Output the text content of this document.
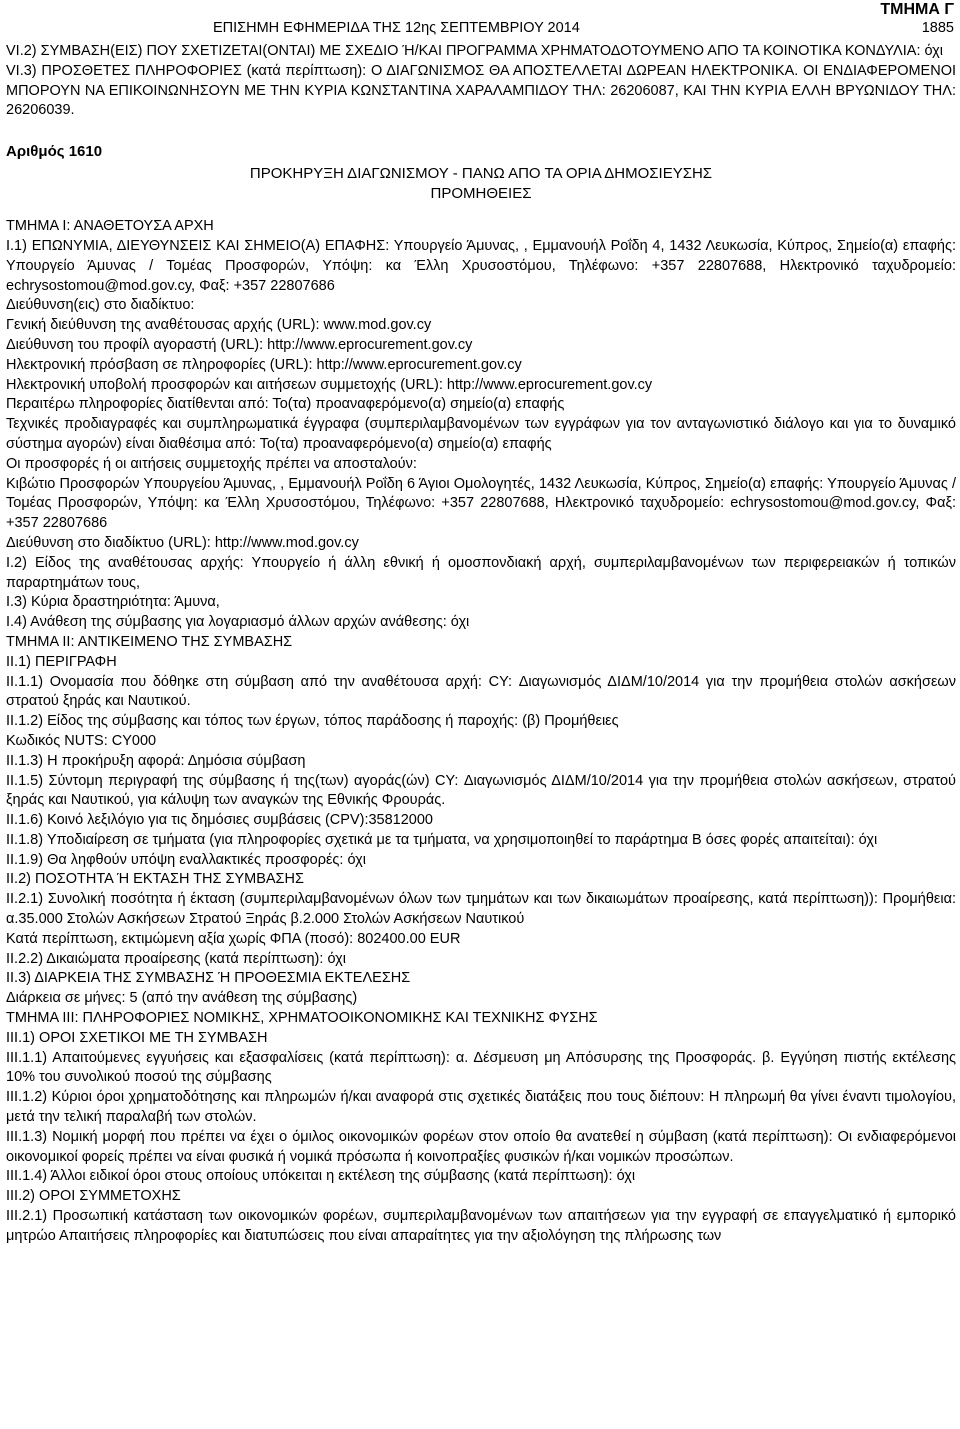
ΕΠΙΣΗΜΗ ΕΦΗΜΕΡΙΔΑ ΤΗΣ 12ης ΣΕΠΤΕΜΒΡΙΟΥ 2014
ΤΜΗΜΑ Γ
1885

VI.2) ΣΥΜΒΑΣΗ(ΕΙΣ) ΠΟΥ ΣΧΕΤΙΖΕΤΑΙ(ΟΝΤΑΙ) ΜΕ ΣΧΕΔΙΟ Ή/ΚΑΙ ΠΡΟΓΡΑΜΜΑ ΧΡΗΜΑΤΟΔΟΤΟΥΜΕΝΟ ΑΠΟ ΤΑ ΚΟΙΝΟΤΙΚΑ ΚΟΝΔΥΛΙΑ: όχι

VI.3) ΠΡΟΣΘΕΤΕΣ ΠΛΗΡΟΦΟΡΙΕΣ (κατά περίπτωση): Ο ΔΙΑΓΩΝΙΣΜΟΣ ΘΑ ΑΠΟΣΤΕΛΛΕΤΑΙ ΔΩΡΕΑΝ ΗΛΕΚΤΡΟΝΙΚΑ. ΟΙ ΕΝΔΙΑΦΕΡΟΜΕΝΟΙ ΜΠΟΡΟΥΝ ΝΑ ΕΠΙΚΟΙΝΩΝΗΣΟΥΝ ΜΕ ΤΗΝ ΚΥΡΙΑ ΚΩΝΣΤΑΝΤΙΝΑ ΧΑΡΑΛΑΜΠΙΔΟΥ ΤΗΛ: 26206087, ΚΑΙ ΤΗΝ ΚΥΡΙΑ ΕΛΛΗ ΒΡΥΩΝΙΔΟΥ ΤΗΛ: 26206039.

Αριθμός 1610
ΠΡΟΚΗΡΥΞΗ ΔΙΑΓΩΝΙΣΜΟΥ - ΠΑΝΩ ΑΠΟ ΤΑ ΟΡΙΑ ΔΗΜΟΣΙΕΥΣΗΣ
ΠΡΟΜΗΘΕΙΕΣ

ΤΜΗΜΑ Ι: ΑΝΑΘΕΤΟΥΣΑ ΑΡΧΗ

Ι.1) ΕΠΩΝΥΜΙΑ, ΔΙΕΥΘΥΝΣΕΙΣ ΚΑΙ ΣΗΜΕΙΟ(Α) ΕΠΑΦΗΣ: Υπουργείο Άμυνας, , Εμμανουήλ Ροΐδη 4, 1432 Λευκωσία, Κύπρος, Σημείο(α) επαφής: Υπουργείο Άμυνας / Τομέας Προσφορών, Υπόψη: κα Έλλη Χρυσοστόμου, Τηλέφωνο: +357 22807688, Ηλεκτρονικό ταχυδρομείο: echrysostomou@mod.gov.cy, Φαξ: +357 22807686

Διεύθυνση(εις) στο διαδίκτυο:

Γενική διεύθυνση της αναθέτουσας αρχής (URL): www.mod.gov.cy

Διεύθυνση του προφίλ αγοραστή (URL): http://www.eprocurement.gov.cy

Ηλεκτρονική πρόσβαση σε πληροφορίες (URL): http://www.eprocurement.gov.cy

Ηλεκτρονική υποβολή προσφορών και αιτήσεων συμμετοχής (URL): http://www.eprocurement.gov.cy

Περαιτέρω πληροφορίες διατίθενται από: Το(τα) προαναφερόμενο(α) σημείο(α) επαφής

Τεχνικές προδιαγραφές και συμπληρωματικά έγγραφα (συμπεριλαμβανομένων των εγγράφων για τον ανταγωνιστικό διάλογο και για το δυναμικό σύστημα αγορών) είναι διαθέσιμα από: Το(τα) προαναφερόμενο(α) σημείο(α) επαφής

Οι προσφορές ή οι αιτήσεις συμμετοχής πρέπει να αποσταλούν:

Κιβώτιο Προσφορών Υπουργείου Άμυνας, , Εμμανουήλ Ροΐδη 6 Άγιοι Ομολογητές, 1432 Λευκωσία, Κύπρος, Σημείο(α) επαφής: Υπουργείο Άμυνας / Τομέας Προσφορών, Υπόψη: κα Έλλη Χρυσοστόμου, Τηλέφωνο: +357 22807688, Ηλεκτρονικό ταχυδρομείο: echrysostomou@mod.gov.cy, Φαξ: +357 22807686

Διεύθυνση στο διαδίκτυο (URL): http://www.mod.gov.cy

Ι.2) Είδος της αναθέτουσας αρχής: Υπουργείο ή άλλη εθνική ή ομοσπονδιακή αρχή, συμπεριλαμβανομένων των περιφερειακών ή τοπικών παραρτημάτων τους,

Ι.3) Κύρια δραστηριότητα: Άμυνα,

Ι.4) Ανάθεση της σύμβασης για λογαριασμό άλλων αρχών ανάθεσης: όχι

ΤΜΗΜΑ ΙΙ: ΑΝΤΙΚΕΙΜΕΝΟ ΤΗΣ ΣΥΜΒΑΣΗΣ

ΙΙ.1) ΠΕΡΙΓΡΑΦΗ

ΙΙ.1.1) Ονομασία που δόθηκε στη σύμβαση από την αναθέτουσα αρχή: CY: Διαγωνισμός ΔΙΔΜ/10/2014 για την προμήθεια στολών ασκήσεων στρατού ξηράς και Ναυτικού.

ΙΙ.1.2) Είδος της σύμβασης και τόπος των έργων, τόπος παράδοσης ή παροχής: (β) Προμήθειες

Κωδικός NUTS: CY000

ΙΙ.1.3) Η προκήρυξη αφορά: Δημόσια σύμβαση

ΙΙ.1.5) Σύντομη περιγραφή της σύμβασης ή της(των) αγοράς(ών) CY: Διαγωνισμός ΔΙΔΜ/10/2014 για την προμήθεια στολών ασκήσεων, στρατού ξηράς και Ναυτικού, για κάλυψη των αναγκών της Εθνικής Φρουράς.

ΙΙ.1.6) Κοινό λεξιλόγιο για τις δημόσιες συμβάσεις (CPV):35812000

ΙΙ.1.8) Υποδιαίρεση σε τμήματα (για πληροφορίες σχετικά με τα τμήματα, να χρησιμοποιηθεί το παράρτημα Β όσες φορές απαιτείται): όχι

ΙΙ.1.9) Θα ληφθούν υπόψη εναλλακτικές προσφορές: όχι

ΙΙ.2) ΠΟΣΟΤΗΤΑ Ή ΕΚΤΑΣΗ ΤΗΣ ΣΥΜΒΑΣΗΣ

ΙΙ.2.1) Συνολική ποσότητα ή έκταση (συμπεριλαμβανομένων όλων των τμημάτων και των δικαιωμάτων προαίρεσης, κατά περίπτωση)): Προμήθεια: α.35.000 Στολών Ασκήσεων Στρατού Ξηράς β.2.000 Στολών Ασκήσεων Ναυτικού

Κατά περίπτωση, εκτιμώμενη αξία χωρίς ΦΠΑ (ποσό): 802400.00 EUR

ΙΙ.2.2) Δικαιώματα προαίρεσης (κατά περίπτωση): όχι

ΙΙ.3) ΔΙΑΡΚΕΙΑ ΤΗΣ ΣΥΜΒΑΣΗΣ Ή ΠΡΟΘΕΣΜΙΑ ΕΚΤΕΛΕΣΗΣ

Διάρκεια σε μήνες: 5 (από την ανάθεση της σύμβασης)

ΤΜΗΜΑ ΙΙΙ: ΠΛΗΡΟΦΟΡΙΕΣ ΝΟΜΙΚΗΣ, ΧΡΗΜΑΤΟΟΙΚΟΝΟΜΙΚΗΣ ΚΑΙ ΤΕΧΝΙΚΗΣ ΦΥΣΗΣ

ΙΙΙ.1) ΟΡΟΙ ΣΧΕΤΙΚΟΙ ΜΕ ΤΗ ΣΥΜΒΑΣΗ

ΙΙΙ.1.1) Απαιτούμενες εγγυήσεις και εξασφαλίσεις (κατά περίπτωση): α. Δέσμευση μη Απόσυρσης της Προσφοράς. β. Εγγύηση πιστής εκτέλεσης 10% του συνολικού ποσού της σύμβασης

ΙΙΙ.1.2) Κύριοι όροι χρηματοδότησης και πληρωμών ή/και αναφορά στις σχετικές διατάξεις που τους διέπουν: Η πληρωμή θα γίνει έναντι τιμολογίου, μετά την τελική παραλαβή των στολών.

ΙΙΙ.1.3) Νομική μορφή που πρέπει να έχει ο όμιλος οικονομικών φορέων στον οποίο θα ανατεθεί η σύμβαση (κατά περίπτωση): Οι ενδιαφερόμενοι οικονομικοί φορείς πρέπει να είναι φυσικά ή νομικά πρόσωπα ή κοινοπραξίες φυσικών ή/και νομικών προσώπων.

ΙΙΙ.1.4) Άλλοι ειδικοί όροι στους οποίους υπόκειται η εκτέλεση της σύμβασης (κατά περίπτωση): όχι

ΙΙΙ.2) ΟΡΟΙ ΣΥΜΜΕΤΟΧΗΣ

ΙΙΙ.2.1) Προσωπική κατάσταση των οικονομικών φορέων, συμπεριλαμβανομένων των απαιτήσεων για την εγγραφή σε επαγγελματικό ή εμπορικό μητρώο Απαιτήσεις πληροφορίες και διατυπώσεις που είναι απαραίτητες για την αξιολόγηση της πλήρωσης των
